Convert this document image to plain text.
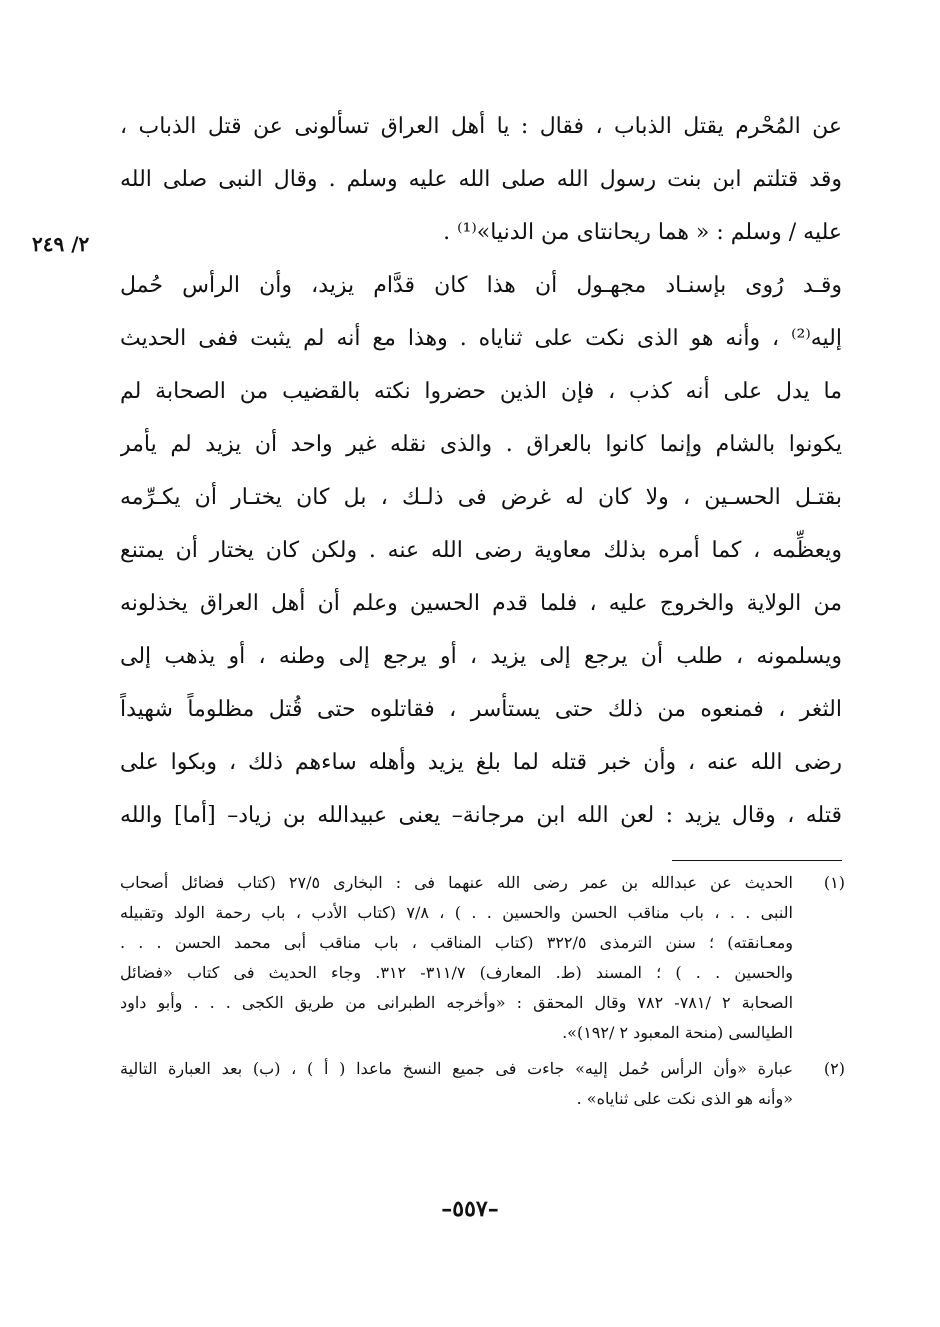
٢/ ٢٤٩
عن المُحْرم يقتل الذباب ، فقال : يا أهل العراق تسألونى عن قتل الذباب ،
وقد قتلتم ابن بنت رسول الله صلى الله عليه وسلم . وقال النبى صلى الله
عليه / وسلم : « هما ريحانتاى من الدنيا»⁽¹⁾ .
وقـد رُوى بإسنـاد مجهـول أن هذا كان قدَّام يزيد، وأن الرأس حُمل
إليه⁽²⁾ ، وأنه هو الذى نكت على ثناياه . وهذا مع أنه لم يثبت ففى الحديث
ما يدل على أنه كذب ، فإن الذين حضروا نكته بالقضيب من الصحابة لم
يكونوا بالشام وإنما كانوا بالعراق . والذى نقله غير واحد أن يزيد لم يأمر
بقتـل الحسـين ، ولا كان له غرض فى ذلـك ، بل كان يختـار أن يكـرِّمه
ويعظِّمه ، كما أمره بذلك معاوية رضى الله عنه . ولكن كان يختار أن يمتنع
من الولاية والخروج عليه ، فلما قدم الحسين وعلم أن أهل العراق يخذلونه
ويسلمونه ، طلب أن يرجع إلى يزيد ، أو يرجع إلى وطنه ، أو يذهب إلى
الثغر ، فمنعوه من ذلك حتى يستأسر ، فقاتلوه حتى قُتل مظلوماً شهيداً
رضى الله عنه ، وأن خبر قتله لما بلغ يزيد وأهله ساءهم ذلك ، وبكوا على
قتله ، وقال يزيد : لعن الله ابن مرجانة– يعنى عبيدالله بن زياد– [أما] والله
(١)
الحديث عن عبدالله بن عمر رضى الله عنهما فى : البخارى ٢٧/٥ (كتاب فضائل أصحاب
النبى . . ، باب مناقب الحسن والحسين . . ) ، ٧/٨ (كتاب الأدب ، باب رحمة الولد وتقبيله
ومعـانقته) ؛ سنن الترمذى ٣٢٢/٥ (كتاب المناقب ، باب مناقب أبى محمد الحسن . . .
والحسين . . ) ؛ المسند (ط. المعارف) ٣١١/٧- ٣١٢. وجاء الحديث فى كتاب «فضائل
الصحابة ٢ /٧٨١- ٧٨٢ وقال المحقق : «وأخرجه الطبرانى من طريق الكجى . . . وأبو داود
الطيالسى (منحة المعبود ٢ /١٩٢)».
(٢)
عبارة «وأن الرأس حُمل إليه» جاءت فى جميع النسخ ماعدا ( أ ) ، (ب) بعد العبارة التالية
«وأنه هو الذى نكت على ثناياه» .
–٥٥٧–
